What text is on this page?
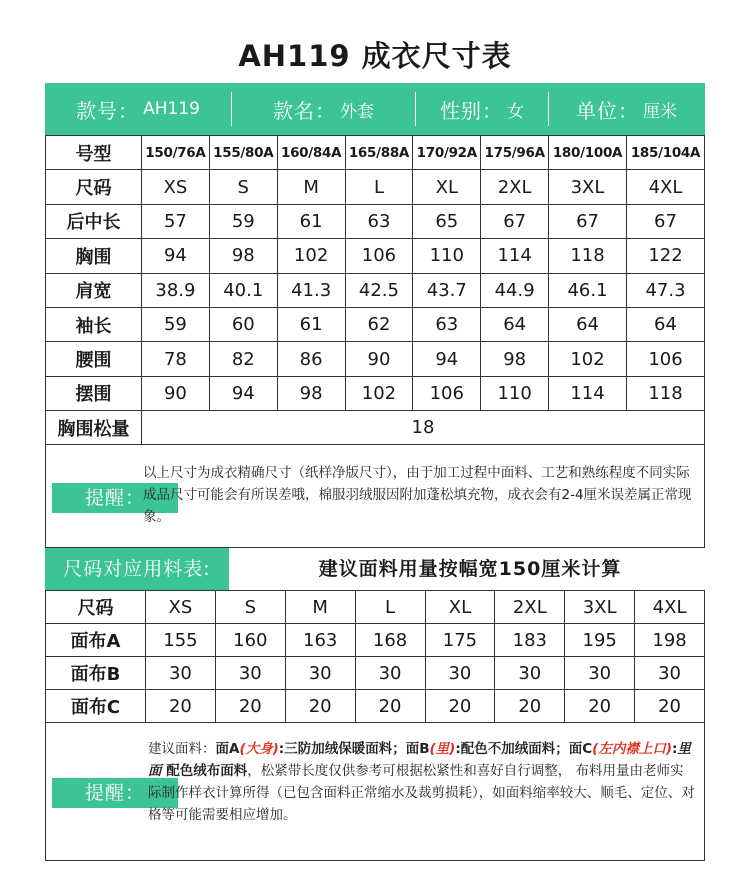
AH119 成衣尺寸表
款号： AH119	款名： 外套	性别： 女	单位： 厘米
号型	150/76A	155/80A	160/84A	165/88A	170/92A	175/96A	180/100A	185/104A
尺码	XS	S	M	L	XL	2XL	3XL	4XL
后中长	57	59	61	63	65	67	67	67
胸围	94	98	102	106	110	114	118	122
肩宽	38.9	40.1	41.3	42.5	43.7	44.9	46.1	47.3
袖长	59	60	61	62	63	64	64	64
腰围	78	82	86	90	94	98	102	106
摆围	90	94	98	102	106	110	114	118
胸围松量	18							
提醒：
以上尺寸为成衣精确尺寸（纸样净版尺寸），由于加工过程中面料、工艺和熟练程度不同实际成品尺寸可能会有所误差哦，棉服羽绒服因附加蓬松填充物，成衣会有2-4厘米误差属正常现象。
尺码对应用料表:	建议面料用量按幅宽150厘米计算
尺码	XS	S	M	L	XL	2XL	3XL	4XL
面布A	155	160	163	168	175	183	195	198
面布B	30	30	30	30	30	30	30	30
面布C	20	20	20	20	20	20	20	20
提醒：
建议面料：面A(大身):三防加绒保暖面料；面B(里):配色不加绒面料；面C(左内襟上口):里面 配色绒布面料，松紧带长度仅供参考可根据松紧性和喜好自行调整， 布料用量由老师实际制作样衣计算所得（已包含面料正常缩水及裁剪损耗），如面料缩率较大、顺毛、定位、对格等可能需要相应增加。
